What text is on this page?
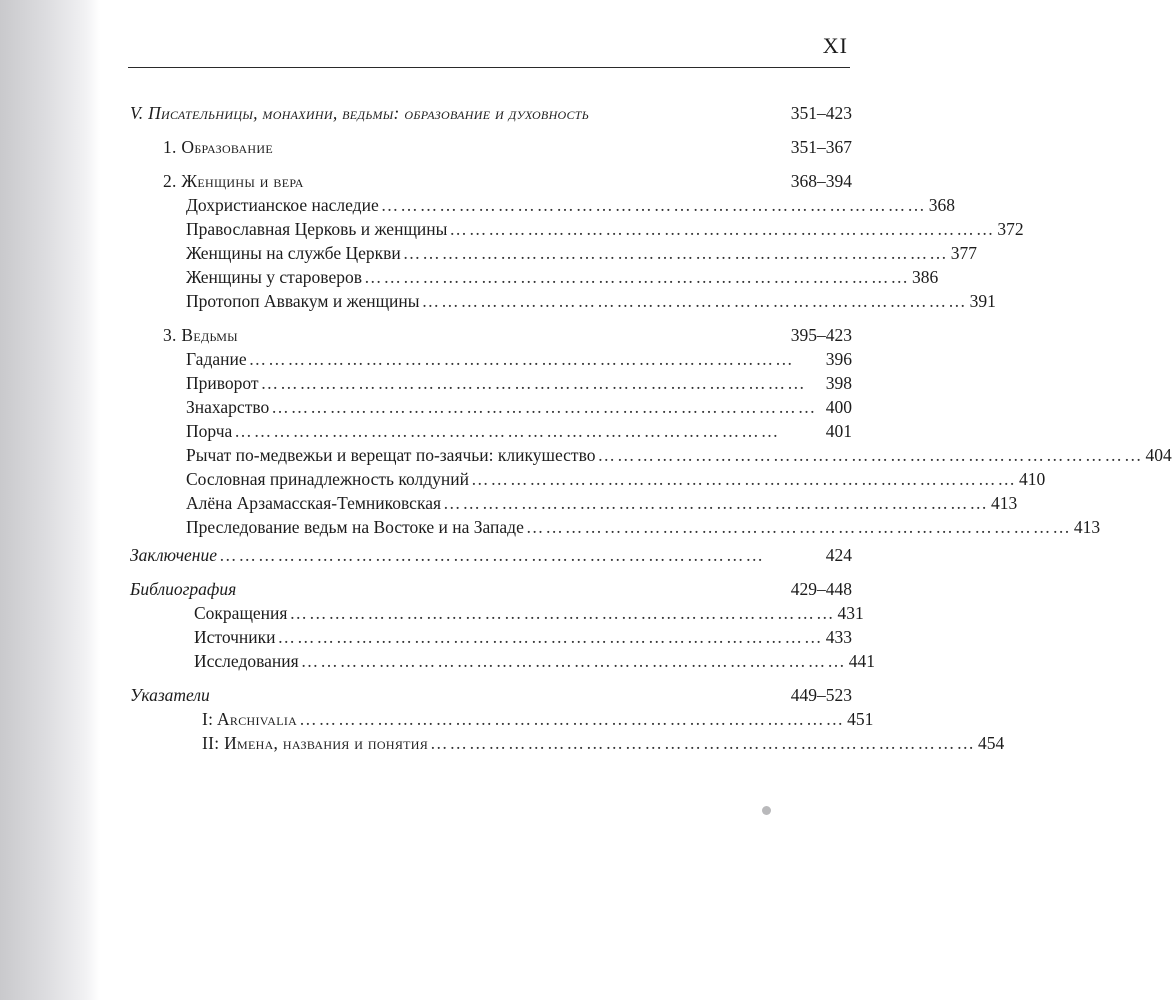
XI
V. Писательницы, монахини, ведьмы: образование и духовность	351–423
1. Образование	351–367
2. Женщины и вера	368–394
Дохристианское наследие ………………………………………………………………………… 368
Православная Церковь и женщины ………………………………………………………………………… 372
Женщины на службе Церкви ………………………………………………………………………… 377
Женщины у староверов ………………………………………………………………………… 386
Протопоп Аввакум и женщины ………………………………………………………………………… 391
3. Ведьмы	395–423
Гадание …………………………………………………………………………	396
Приворот …………………………………………………………………………	398
Знахарство ………………………………………………………………………… 400
Порча …………………………………………………………………………	401
Рычат по-медвежьи и верещат по-заячьи: кликушество ………………………………………………………………………… 404
Сословная принадлежность колдуний ………………………………………………………………………… 410
Алёна Арзамасская-Темниковская ………………………………………………………………………… 413
Преследование ведьм на Востоке и на Западе ………………………………………………………………………… 413
Заключение …………………………………………………………………………	424
Библиография	429–448
Сокращения ………………………………………………………………………… 431
Источники ………………………………………………………………………… 433
Исследования ………………………………………………………………………… 441
Указатели	449–523
I: Archivalia ………………………………………………………………………… 451
II: Имена, названия и понятия ………………………………………………………………………… 454
